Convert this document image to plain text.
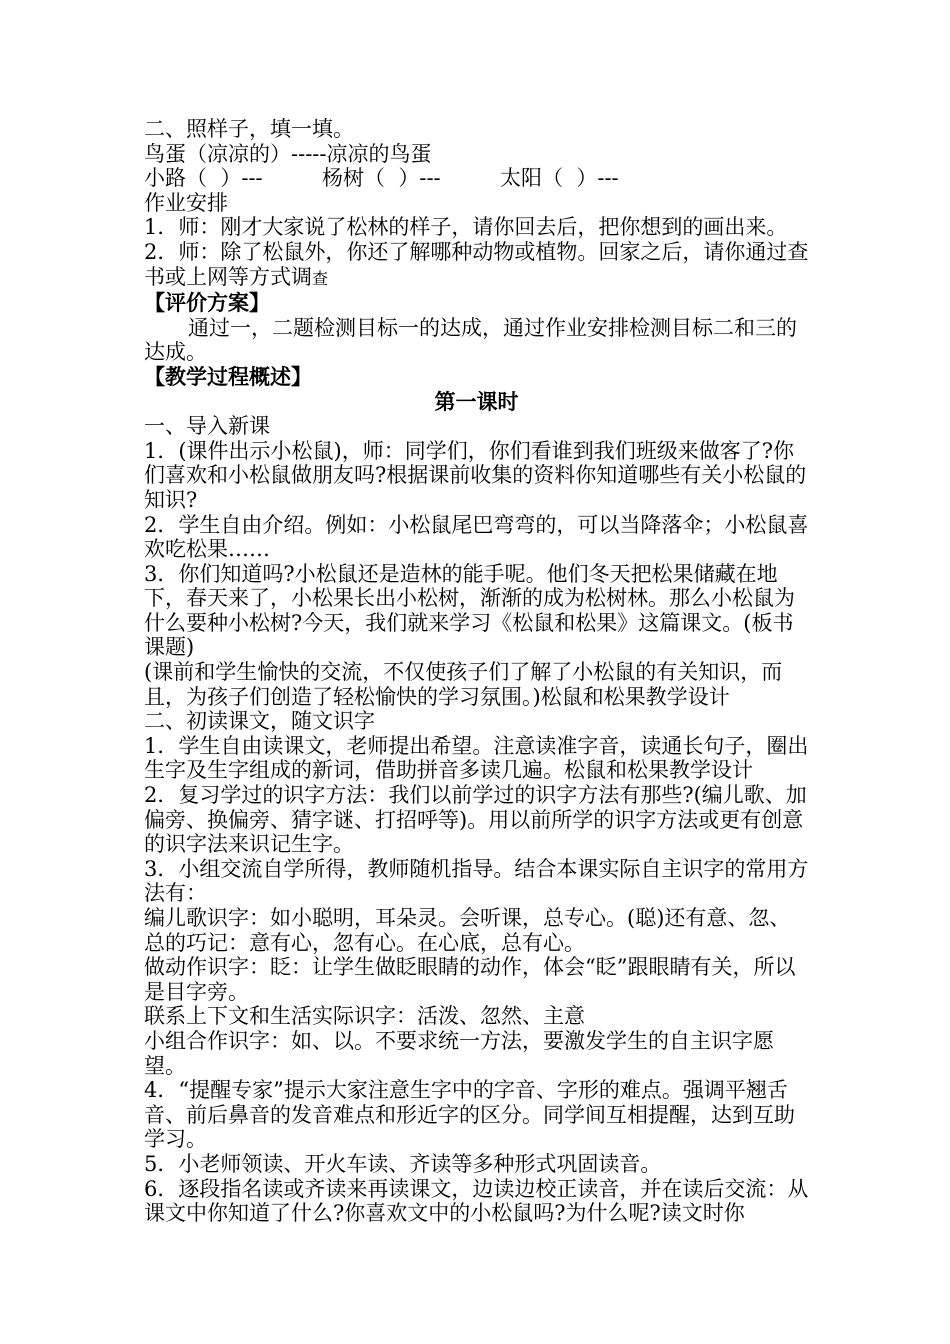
二、照样子，填一填。
鸟蛋（凉凉的）-----凉凉的鸟蛋
小路（  ）---	杨树（  ）---	太阳（  ）---
作业安排
1．师：刚才大家说了松林的样子，请你回去后，把你想到的画出来。
2．师：除了松鼠外，你还了解哪种动物或植物。回家之后，请你通过查书或上网等方式调查
【评价方案】
通过一，二题检测目标一的达成，通过作业安排检测目标二和三的达成。
【教学过程概述】
第一课时
一、导入新课
1．(课件出示小松鼠)，师：同学们，你们看谁到我们班级来做客了?你们喜欢和小松鼠做朋友吗?根据课前收集的资料你知道哪些有关小松鼠的知识?
2．学生自由介绍。例如：小松鼠尾巴弯弯的，可以当降落伞；小松鼠喜欢吃松果……
3．你们知道吗?小松鼠还是造林的能手呢。他们冬天把松果储藏在地下，春天来了，小松果长出小松树，渐渐的成为松树林。那么小松鼠为什么要种小松树?今天，我们就来学习《松鼠和松果》这篇课文。(板书课题)
(课前和学生愉快的交流，不仅使孩子们了解了小松鼠的有关知识，而且，为孩子们创造了轻松愉快的学习氛围。)松鼠和松果教学设计
二、初读课文，随文识字
1．学生自由读课文，老师提出希望。注意读准字音，读通长句子，圈出生字及生字组成的新词，借助拼音多读几遍。松鼠和松果教学设计
2．复习学过的识字方法：我们以前学过的识字方法有那些?(编儿歌、加偏旁、换偏旁、猜字谜、打招呼等)。用以前所学的识字方法或更有创意的识字法来识记生字。
3．小组交流自学所得，教师随机指导。结合本课实际自主识字的常用方法有：
编儿歌识字：如小聪明，耳朵灵。会听课，总专心。(聪)还有意、忽、总的巧记：意有心，忽有心。在心底，总有心。
做动作识字：眨：让学生做眨眼睛的动作，体会“眨”跟眼睛有关，所以是目字旁。
联系上下文和生活实际识字：活泼、忽然、主意
小组合作识字：如、以。不要求统一方法，要激发学生的自主识字愿望。
4．“提醒专家”提示大家注意生字中的字音、字形的难点。强调平翘舌音、前后鼻音的发音难点和形近字的区分。同学间互相提醒，达到互助学习。
5．小老师领读、开火车读、齐读等多种形式巩固读音。
6．逐段指名读或齐读来再读课文，边读边校正读音，并在读后交流：从课文中你知道了什么?你喜欢文中的小松鼠吗?为什么呢?读文时你
